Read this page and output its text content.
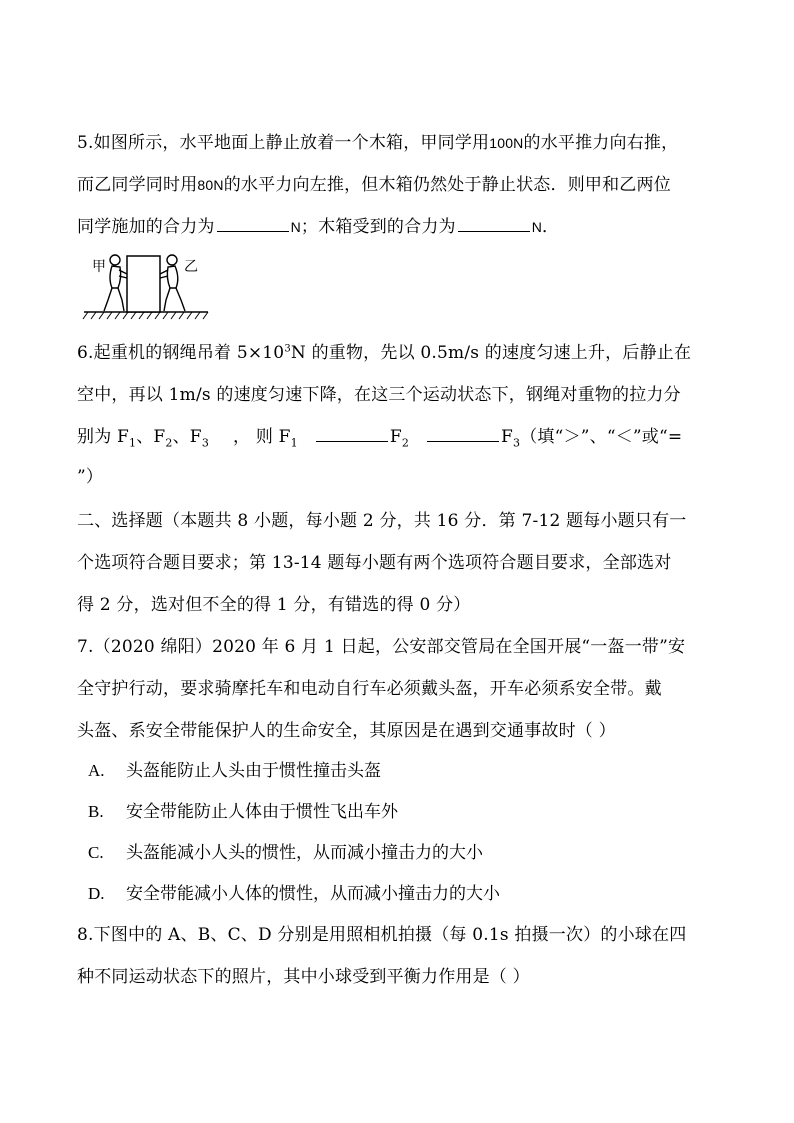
5.如图所示，水平地面上静止放着一个木箱，甲同学用100N的水平推力向右推，
而乙同学同时用80N的水平力向左推，但木箱仍然处于静止状态．则甲和乙两位
同学施加的合力为	N；木箱受到的合力为	N．
甲	乙
6.起重机的钢绳吊着 $5\times 10^3N$ 的重物，先以 0.5m/s 的速度匀速上升，后静止在
空中，再以 1m/s 的速度匀速下降，在这三个运动状态下，钢绳对重物的拉力分
别为 $F_1$、$F_2$、$F_3$ ， 则 $F_1$	$F_2$	$F_3$（填“＞”、“＜”或“=
”）
二、选择题（本题共 8 小题，每小题 2 分，共 16 分．第 7-12 题每小题只有一
个选项符合题目要求；第 13-14 题每小题有两个选项符合题目要求，全部选对
得 2 分，选对但不全的得 1 分，有错选的得 0 分）
7.（2020 绵阳）2020 年 6 月 1 日起，公安部交管局在全国开展“一盔一带”安
全守护行动，要求骑摩托车和电动自行车必须戴头盔，开车必须系安全带。戴
头盔、系安全带能保护人的生命安全，其原因是在遇到交通事故时（ ）
A. 头盔能防止人头由于惯性撞击头盔
B. 安全带能防止人体由于惯性飞出车外
C. 头盔能减小人头的惯性，从而减小撞击力的大小
D. 安全带能减小人体的惯性，从而减小撞击力的大小
8.下图中的 A、B、C、D 分别是用照相机拍摄（每 0.1s 拍摄一次）的小球在四
种不同运动状态下的照片，其中小球受到平衡力作用是（ ）
